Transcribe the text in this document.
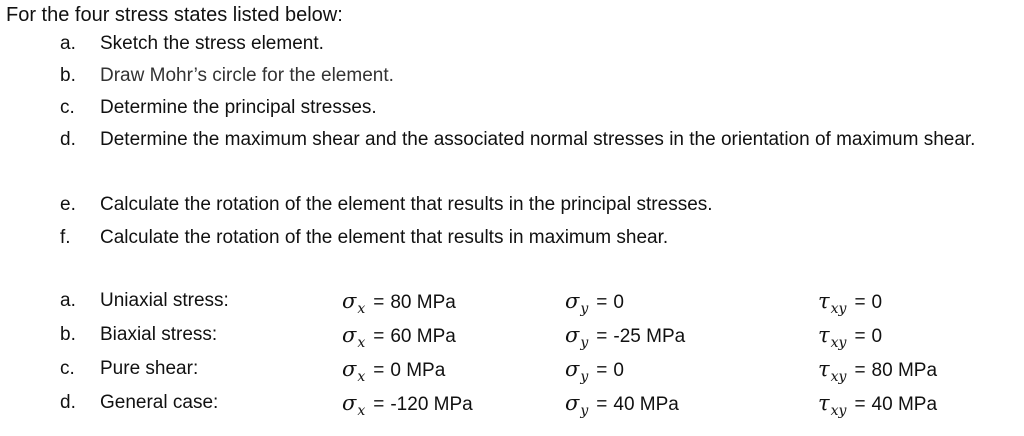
For the four stress states listed below:
a. Sketch the stress element.
b. Draw Mohr’s circle for the element.
c. Determine the principal stresses.
d. Determine the maximum shear and the associated normal stresses in the orientation of maximum shear.
e. Calculate the rotation of the element that results in the principal stresses.
f. Calculate the rotation of the element that results in maximum shear.
a. Uniaxial stress:	$\sigma_x = 80$ MPa	$\sigma_y = 0$	$\tau_{xy} = 0$
b. Biaxial stress:	$\sigma_x = 60$ MPa	$\sigma_y = -25$ MPa	$\tau_{xy} = 0$
c. Pure shear:	$\sigma_x = 0$ MPa	$\sigma_y = 0$	$\tau_{xy} = 80$ MPa
d. General case:	$\sigma_x = -120$ MPa	$\sigma_y = 40$ MPa	$\tau_{xy} = 40$ MPa
